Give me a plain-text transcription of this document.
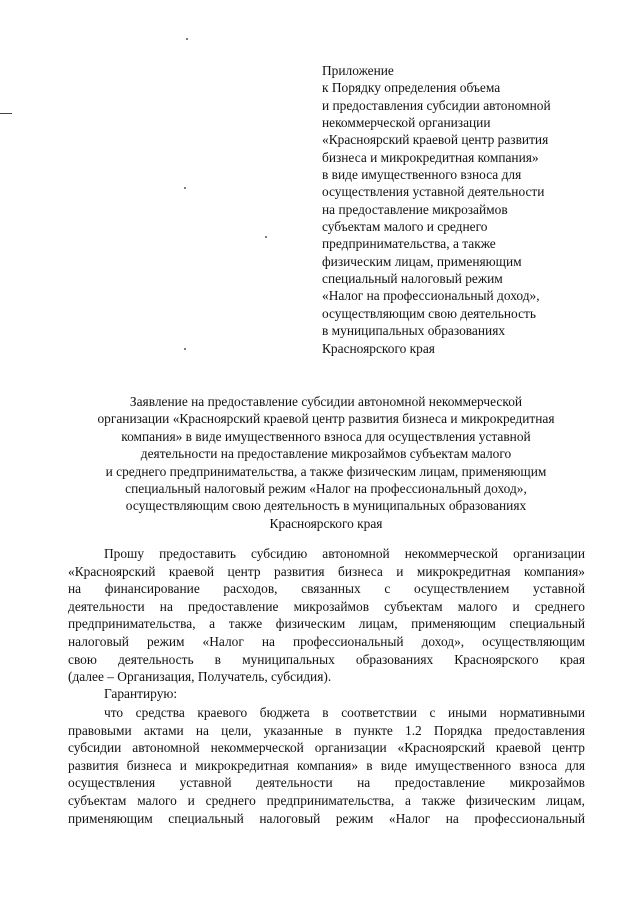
Приложение
к Порядку определения объема
и предоставления субсидии автономной
некоммерческой организации
«Красноярский краевой центр развития
бизнеса и микрокредитная компания»
в виде имущественного взноса для
осуществления уставной деятельности
на предоставление микрозаймов
субъектам малого и среднего
предпринимательства, а также
физическим лицам, применяющим
специальный налоговый режим
«Налог на профессиональный доход»,
осуществляющим свою деятельность
в муниципальных образованиях
Красноярского края
Заявление на предоставление субсидии автономной некоммерческой
организации «Красноярский краевой центр развития бизнеса и микрокредитная
компания» в виде имущественного взноса для осуществления уставной
деятельности на предоставление микрозаймов субъектам малого
и среднего предпринимательства, а также физическим лицам, применяющим
специальный налоговый режим «Налог на профессиональный доход»,
осуществляющим свою деятельность в муниципальных образованиях
Красноярского края
Прошу предоставить субсидию автономной некоммерческой организации
«Красноярский краевой центр развития бизнеса и микрокредитная компания»
на финансирование расходов, связанных с осуществлением уставной
деятельности на предоставление микрозаймов субъектам малого и среднего
предпринимательства, а также физическим лицам, применяющим специальный
налоговый режим «Налог на профессиональный доход», осуществляющим
свою деятельность в муниципальных образованиях Красноярского края
(далее – Организация, Получатель, субсидия).
Гарантирую:
что средства краевого бюджета в соответствии с иными нормативными
правовыми актами на цели, указанные в пункте 1.2 Порядка предоставления
субсидии автономной некоммерческой организации «Красноярский краевой центр
развития бизнеса и микрокредитная компания» в виде имущественного взноса для
осуществления уставной деятельности на предоставление микрозаймов
субъектам малого и среднего предпринимательства, а также физическим лицам,
применяющим специальный налоговый режим «Налог на профессиональный
